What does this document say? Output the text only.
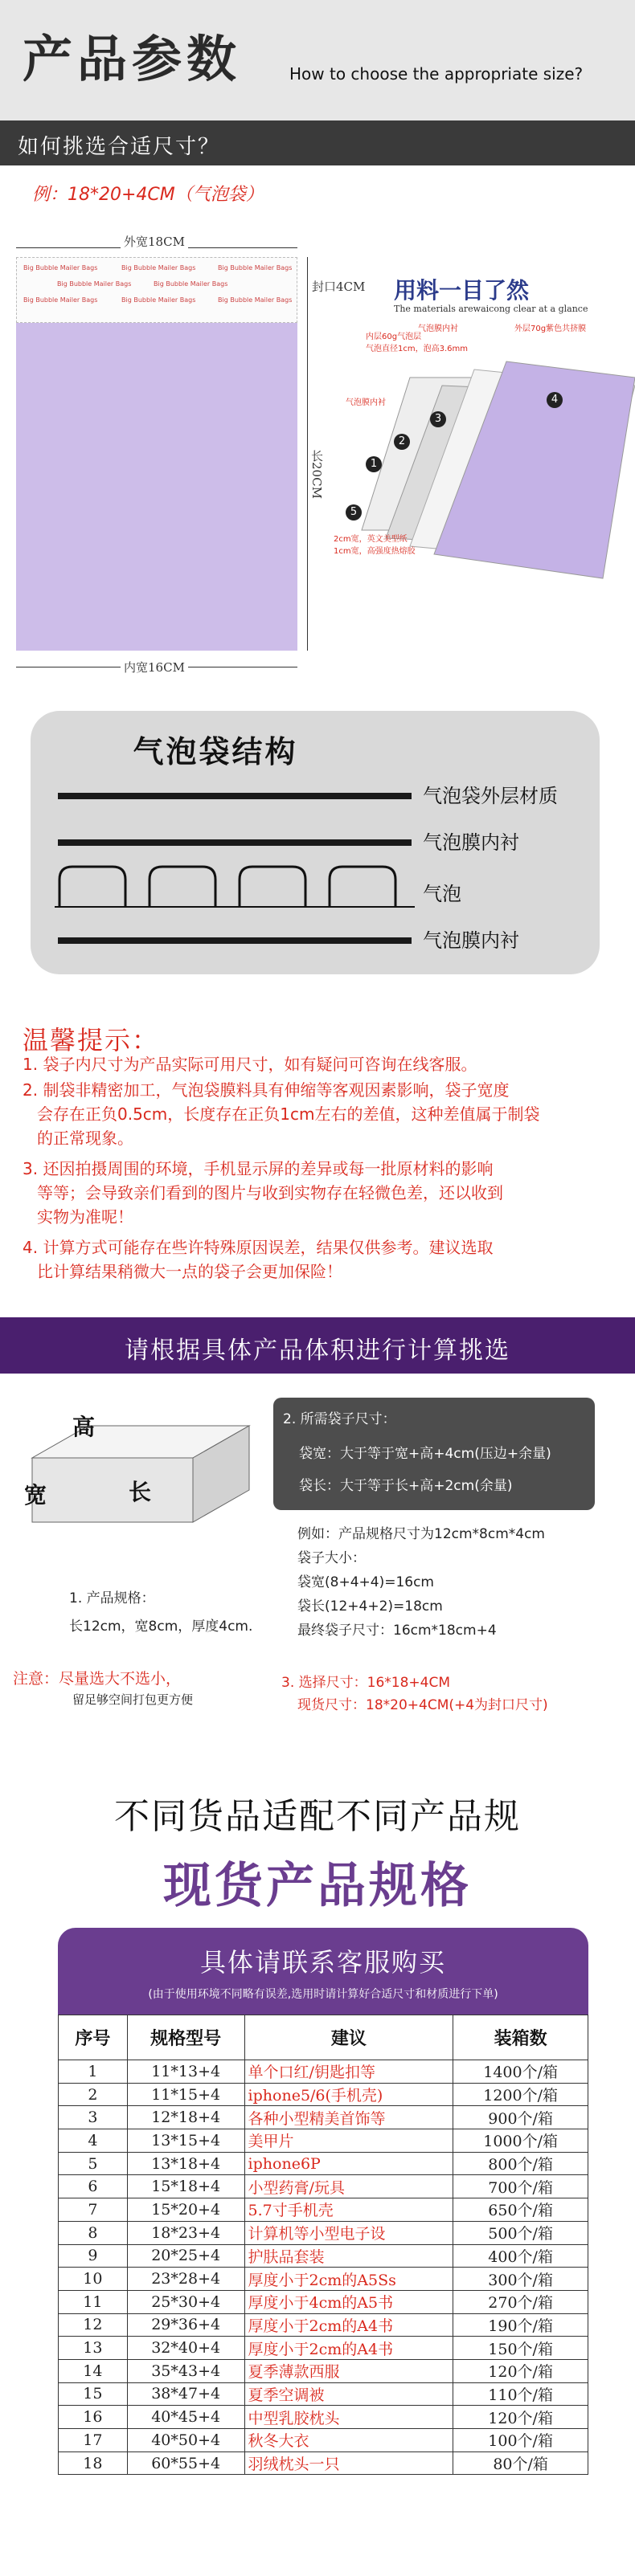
产品参数	How to choose the appropriate size?
如何挑选合适尺寸？
例：18*20+4CM（气泡袋）
Big Bubble Mailer Bags	Big Bubble Mailer Bags	Big Bubble Mailer Bags
Big Bubble Mailer Bags	Big Bubble Mailer Bags
Big Bubble Mailer Bags	Big Bubble Mailer Bags	Big Bubble Mailer Bags
外宽18CM
封口4CM
长20CM
内宽16CM
用料一目了然
The materials arewaicong clear at a glance
内层60g气泡层
气泡直径1cm，泡高3.6mm
气泡膜内衬	外层70g紫色共挤膜
气泡膜内衬
2cm宽，英文美型纸
1cm宽，高强度热熔胶
1
2
3
4
5
气泡袋结构
气泡袋外层材质
气泡膜内衬
气泡
气泡膜内衬
温馨提示：
1. 袋子内尺寸为产品实际可用尺寸，如有疑问可咨询在线客服。
2. 制袋非精密加工，气泡袋膜料具有伸缩等客观因素影响，袋子宽度
会存在正负0.5cm，长度存在正负1cm左右的差值，这种差值属于制袋
的正常现象。
3. 还因拍摄周围的环境，手机显示屏的差异或每一批原材料的影响
等等；会导致亲们看到的图片与收到实物存在轻微色差，还以收到
实物为准呢！
4. 计算方式可能存在些许特殊原因误差，结果仅供参考。建议选取
比计算结果稍微大一点的袋子会更加保险！
请根据具体产品体积进行计算挑选
高
宽	长
1. 产品规格：
长12cm，宽8cm，厚度4cm.
2. 所需袋子尺寸：
袋宽：大于等于宽+高+4cm(压边+余量)
袋长：大于等于长+高+2cm(余量)
例如：产品规格尺寸为12cm*8cm*4cm
袋子大小：
袋宽(8+4+4)=16cm
袋长(12+4+2)=18cm
最终袋子尺寸：16cm*18cm+4
注意：尽量选大不选小，
留足够空间打包更方便
3. 选择尺寸：16*18+4CM
现货尺寸：18*20+4CM(+4为封口尺寸)
不同货品适配不同产品规
现货产品规格
具体请联系客服购买
(由于使用环境不同略有误差,选用时请计算好合适尺寸和材质进行下单)
序号	规格型号	建议	装箱数
1	11*13+4	单个口红/钥匙扣等	1400个/箱
2	11*15+4	iphone5/6(手机壳)	1200个/箱
3	12*18+4	各种小型精美首饰等	900个/箱
4	13*15+4	美甲片	1000个/箱
5	13*18+4	iphone6P	800个/箱
6	15*18+4	小型药膏/玩具	700个/箱
7	15*20+4	5.7寸手机壳	650个/箱
8	18*23+4	计算机等小型电子设	500个/箱
9	20*25+4	护肤品套装	400个/箱
10	23*28+4	厚度小于2cm的A5Ss	300个/箱
11	25*30+4	厚度小于4cm的A5书	270个/箱
12	29*36+4	厚度小于2cm的A4书	190个/箱
13	32*40+4	厚度小于2cm的A4书	150个/箱
14	35*43+4	夏季薄款西服	120个/箱
15	38*47+4	夏季空调被	110个/箱
16	40*45+4	中型乳胶枕头	120个/箱
17	40*50+4	秋冬大衣	100个/箱
18	60*55+4	羽绒枕头一只	80个/箱
